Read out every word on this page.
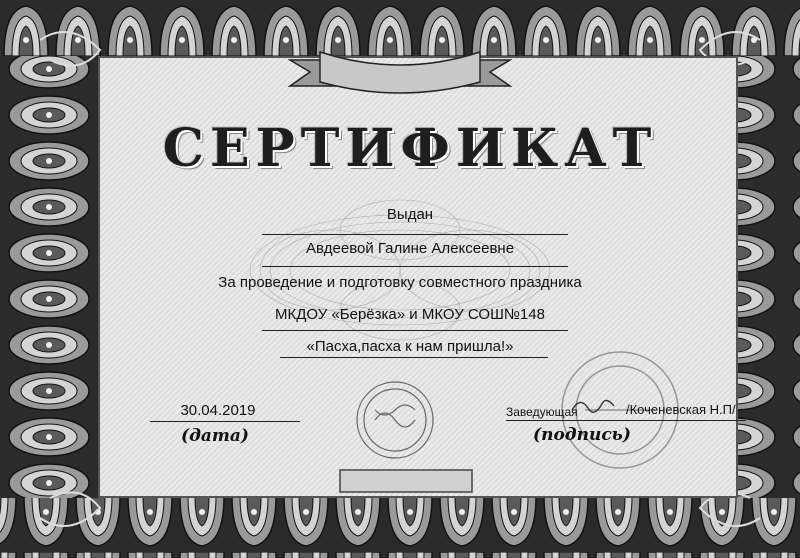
СЕРТИФИКАТ
Выдан
Авдеевой Галине Алексеевне
За проведение и подготовку совместного праздника
МКДОУ «Берёзка» и МКОУ СОШ№148
«Пасха,пасха к нам пришла!»
30.04.2019
(дата)
Заведующая	/Коченевская Н.П/
(подпись)
